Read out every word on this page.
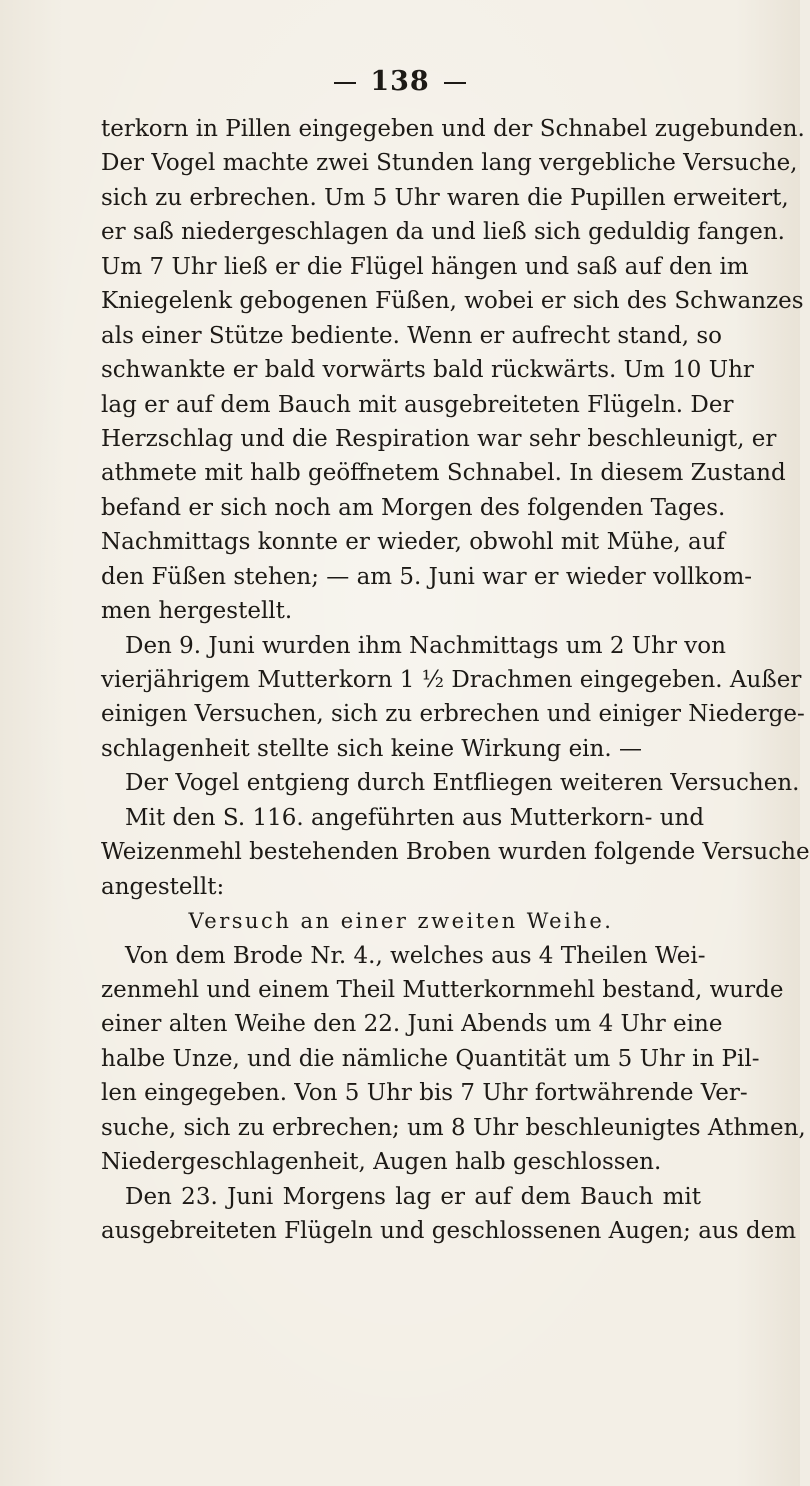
138
terkorn in Pillen eingegeben und der Schnabel zugebunden.
Der Vogel machte zwei Stunden lang vergebliche Versuche,
sich zu erbrechen. Um 5 Uhr waren die Pupillen erweitert,
er saß niedergeschlagen da und ließ sich geduldig fangen.
Um 7 Uhr ließ er die Flügel hängen und saß auf den im
Kniegelenk gebogenen Füßen, wobei er sich des Schwanzes
als einer Stütze bediente. Wenn er aufrecht stand, so
schwankte er bald vorwärts bald rückwärts. Um 10 Uhr
lag er auf dem Bauch mit ausgebreiteten Flügeln. Der
Herzschlag und die Respiration war sehr beschleunigt, er
athmete mit halb geöffnetem Schnabel. In diesem Zustand
befand er sich noch am Morgen des folgenden Tages.
Nachmittags konnte er wieder, obwohl mit Mühe, auf
den Füßen stehen; — am 5. Juni war er wieder vollkom-
men hergestellt.
Den 9. Juni wurden ihm Nachmittags um 2 Uhr von
vierjährigem Mutterkorn 1 ½ Drachmen eingegeben. Außer
einigen Versuchen, sich zu erbrechen und einiger Niederge-
schlagenheit stellte sich keine Wirkung ein. —
Der Vogel entgieng durch Entfliegen weiteren Versuchen.
Mit den S. 116. angeführten aus Mutterkorn- und
Weizenmehl bestehenden Broben wurden folgende Versuche
angestellt:
Versuch an einer zweiten Weihe.
Von dem Brode Nr. 4., welches aus 4 Theilen Wei-
zenmehl und einem Theil Mutterkornmehl bestand, wurde
einer alten Weihe den 22. Juni Abends um 4 Uhr eine
halbe Unze, und die nämliche Quantität um 5 Uhr in Pil-
len eingegeben. Von 5 Uhr bis 7 Uhr fortwährende Ver-
suche, sich zu erbrechen; um 8 Uhr beschleunigtes Athmen,
Niedergeschlagenheit, Augen halb geschlossen.
Den 23. Juni Morgens lag er auf dem Bauch mit
ausgebreiteten Flügeln und geschlossenen Augen; aus dem
